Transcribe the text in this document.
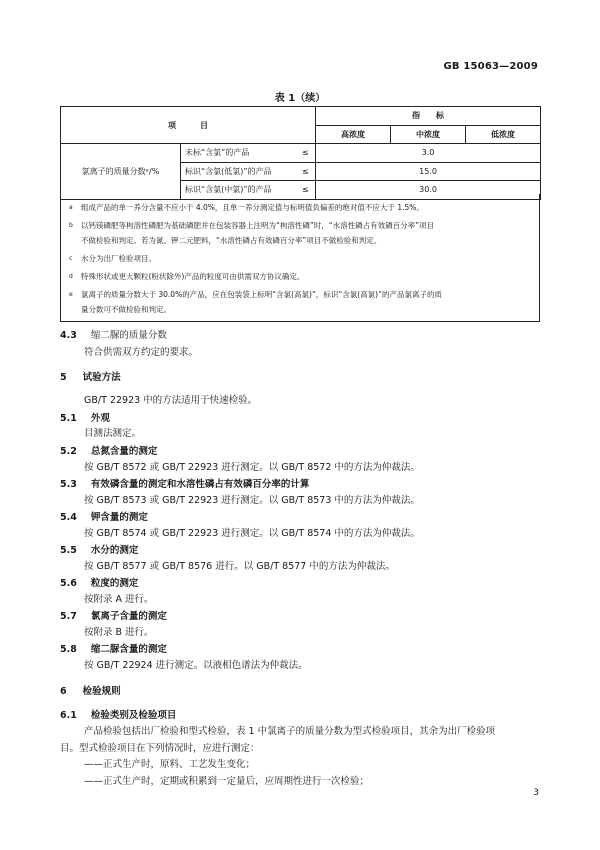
GB 15063—2009
表 1（续）
项　　　目			指　　标		
			高浓度	中浓度	低浓度
氯离子的质量分数ᵉ/%	未标“含氯”的产品	≤	3.0		
	标识“含氯(低氯)”的产品	≤	15.0		
	标识“含氯(中氯)”的产品	≤	30.0		
a 组成产品的单一养分含量不应小于 4.0%，且单一养分测定值与标明值负偏差的绝对值不应大于 1.5%。
b 以钙镁磷肥等枸溶性磷肥为基础磷肥并在包装容器上注明为“枸溶性磷”时，“水溶性磷占有效磷百分率”项目
不做检验和判定。若为氮、钾二元肥料，“水溶性磷占有效磷百分率”项目不做检验和判定。
c 水分为出厂检验项目。
d 特殊形状或更大颗粒(粉状除外)产品的粒度可由供需双方协议确定。
e 氯离子的质量分数大于 30.0%的产品，应在包装袋上标明“含氯(高氯)”，标识“含氯(高氯)”的产品氯离子的质
量分数可不做检验和判定。
4.3 缩二脲的质量分数
符合供需双方约定的要求。
5 试验方法
GB/T 22923 中的方法适用于快速检验。
5.1 外观
目测法测定。
5.2 总氮含量的测定
按 GB/T 8572 或 GB/T 22923 进行测定。以 GB/T 8572 中的方法为仲裁法。
5.3 有效磷含量的测定和水溶性磷占有效磷百分率的计算
按 GB/T 8573 或 GB/T 22923 进行测定。以 GB/T 8573 中的方法为仲裁法。
5.4 钾含量的测定
按 GB/T 8574 或 GB/T 22923 进行测定。以 GB/T 8574 中的方法为仲裁法。
5.5 水分的测定
按 GB/T 8577 或 GB/T 8576 进行。以 GB/T 8577 中的方法为仲裁法。
5.6 粒度的测定
按附录 A 进行。
5.7 氯离子含量的测定
按附录 B 进行。
5.8 缩二脲含量的测定
按 GB/T 22924 进行测定。以液相色谱法为仲裁法。
6 检验规则
6.1 检验类别及检验项目
产品检验包括出厂检验和型式检验，表 1 中氯离子的质量分数为型式检验项目，其余为出厂检验项
目。型式检验项目在下列情况时，应进行测定：
——正式生产时，原料、工艺发生变化；
——正式生产时，定期或积累到一定量后，应周期性进行一次检验；
3
